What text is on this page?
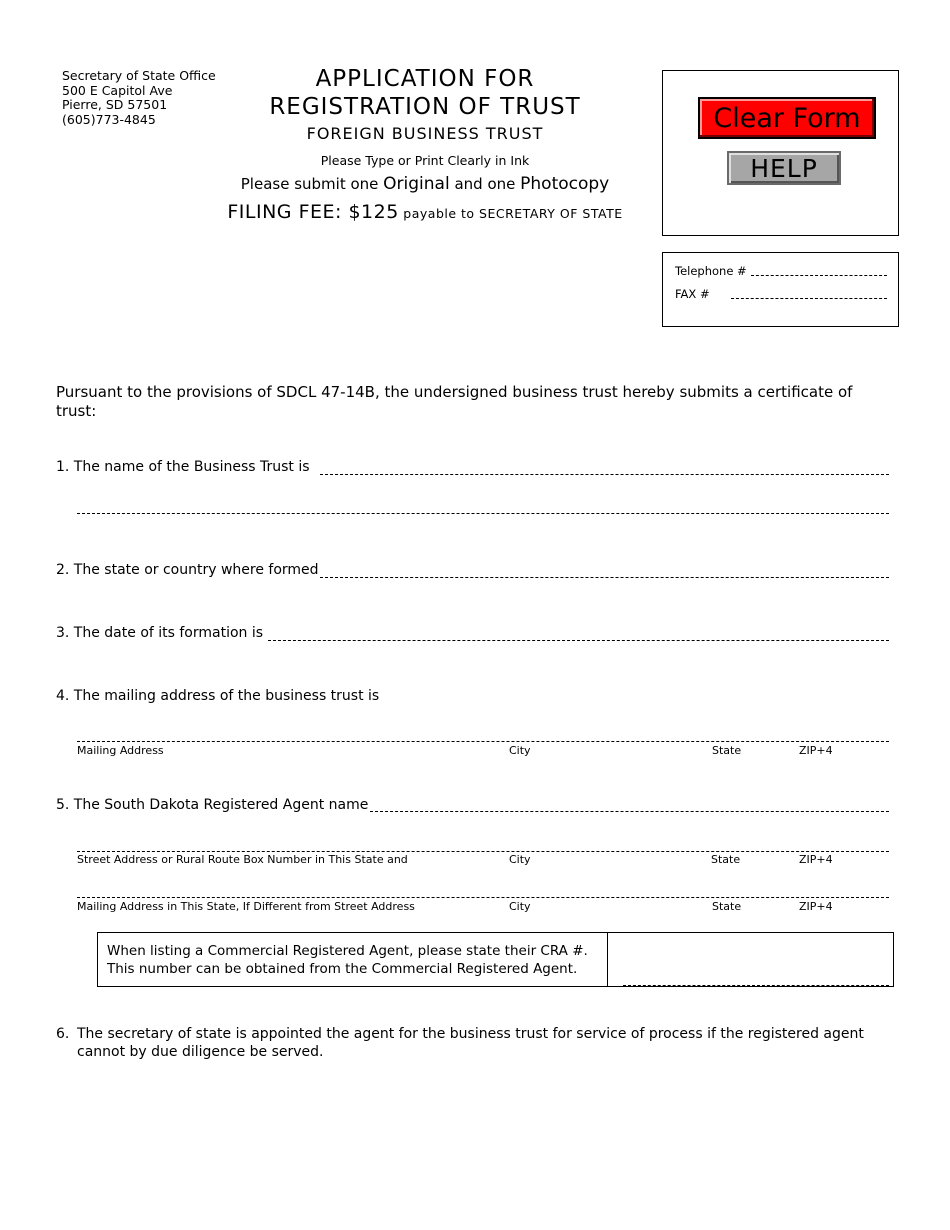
Secretary of State Office
500 E Capitol Ave
Pierre, SD 57501
(605)773-4845
APPLICATION FOR
REGISTRATION OF TRUST
FOREIGN BUSINESS TRUST
Please Type or Print Clearly in Ink
Please submit one Original and one Photocopy
FILING FEE: $125 payable to SECRETARY OF STATE
Clear Form
HELP
Telephone #
FAX #
Pursuant to the provisions of SDCL 47-14B, the undersigned business trust hereby submits a certificate of trust:
1. The name of the Business Trust is
2. The state or country where formed
3. The date of its formation is
4. The mailing address of the business trust is
Mailing Address	City	State	ZIP+4
5. The South Dakota Registered Agent name
Street Address or Rural Route Box Number in This State and	City	State	ZIP+4
Mailing Address in This State, If Different from Street Address	City	State	ZIP+4
When listing a Commercial Registered Agent, please state their CRA #.
This number can be obtained from the Commercial Registered Agent.
6. The secretary of state is appointed the agent for the business trust for service of process if the registered agent cannot by due diligence be served.
